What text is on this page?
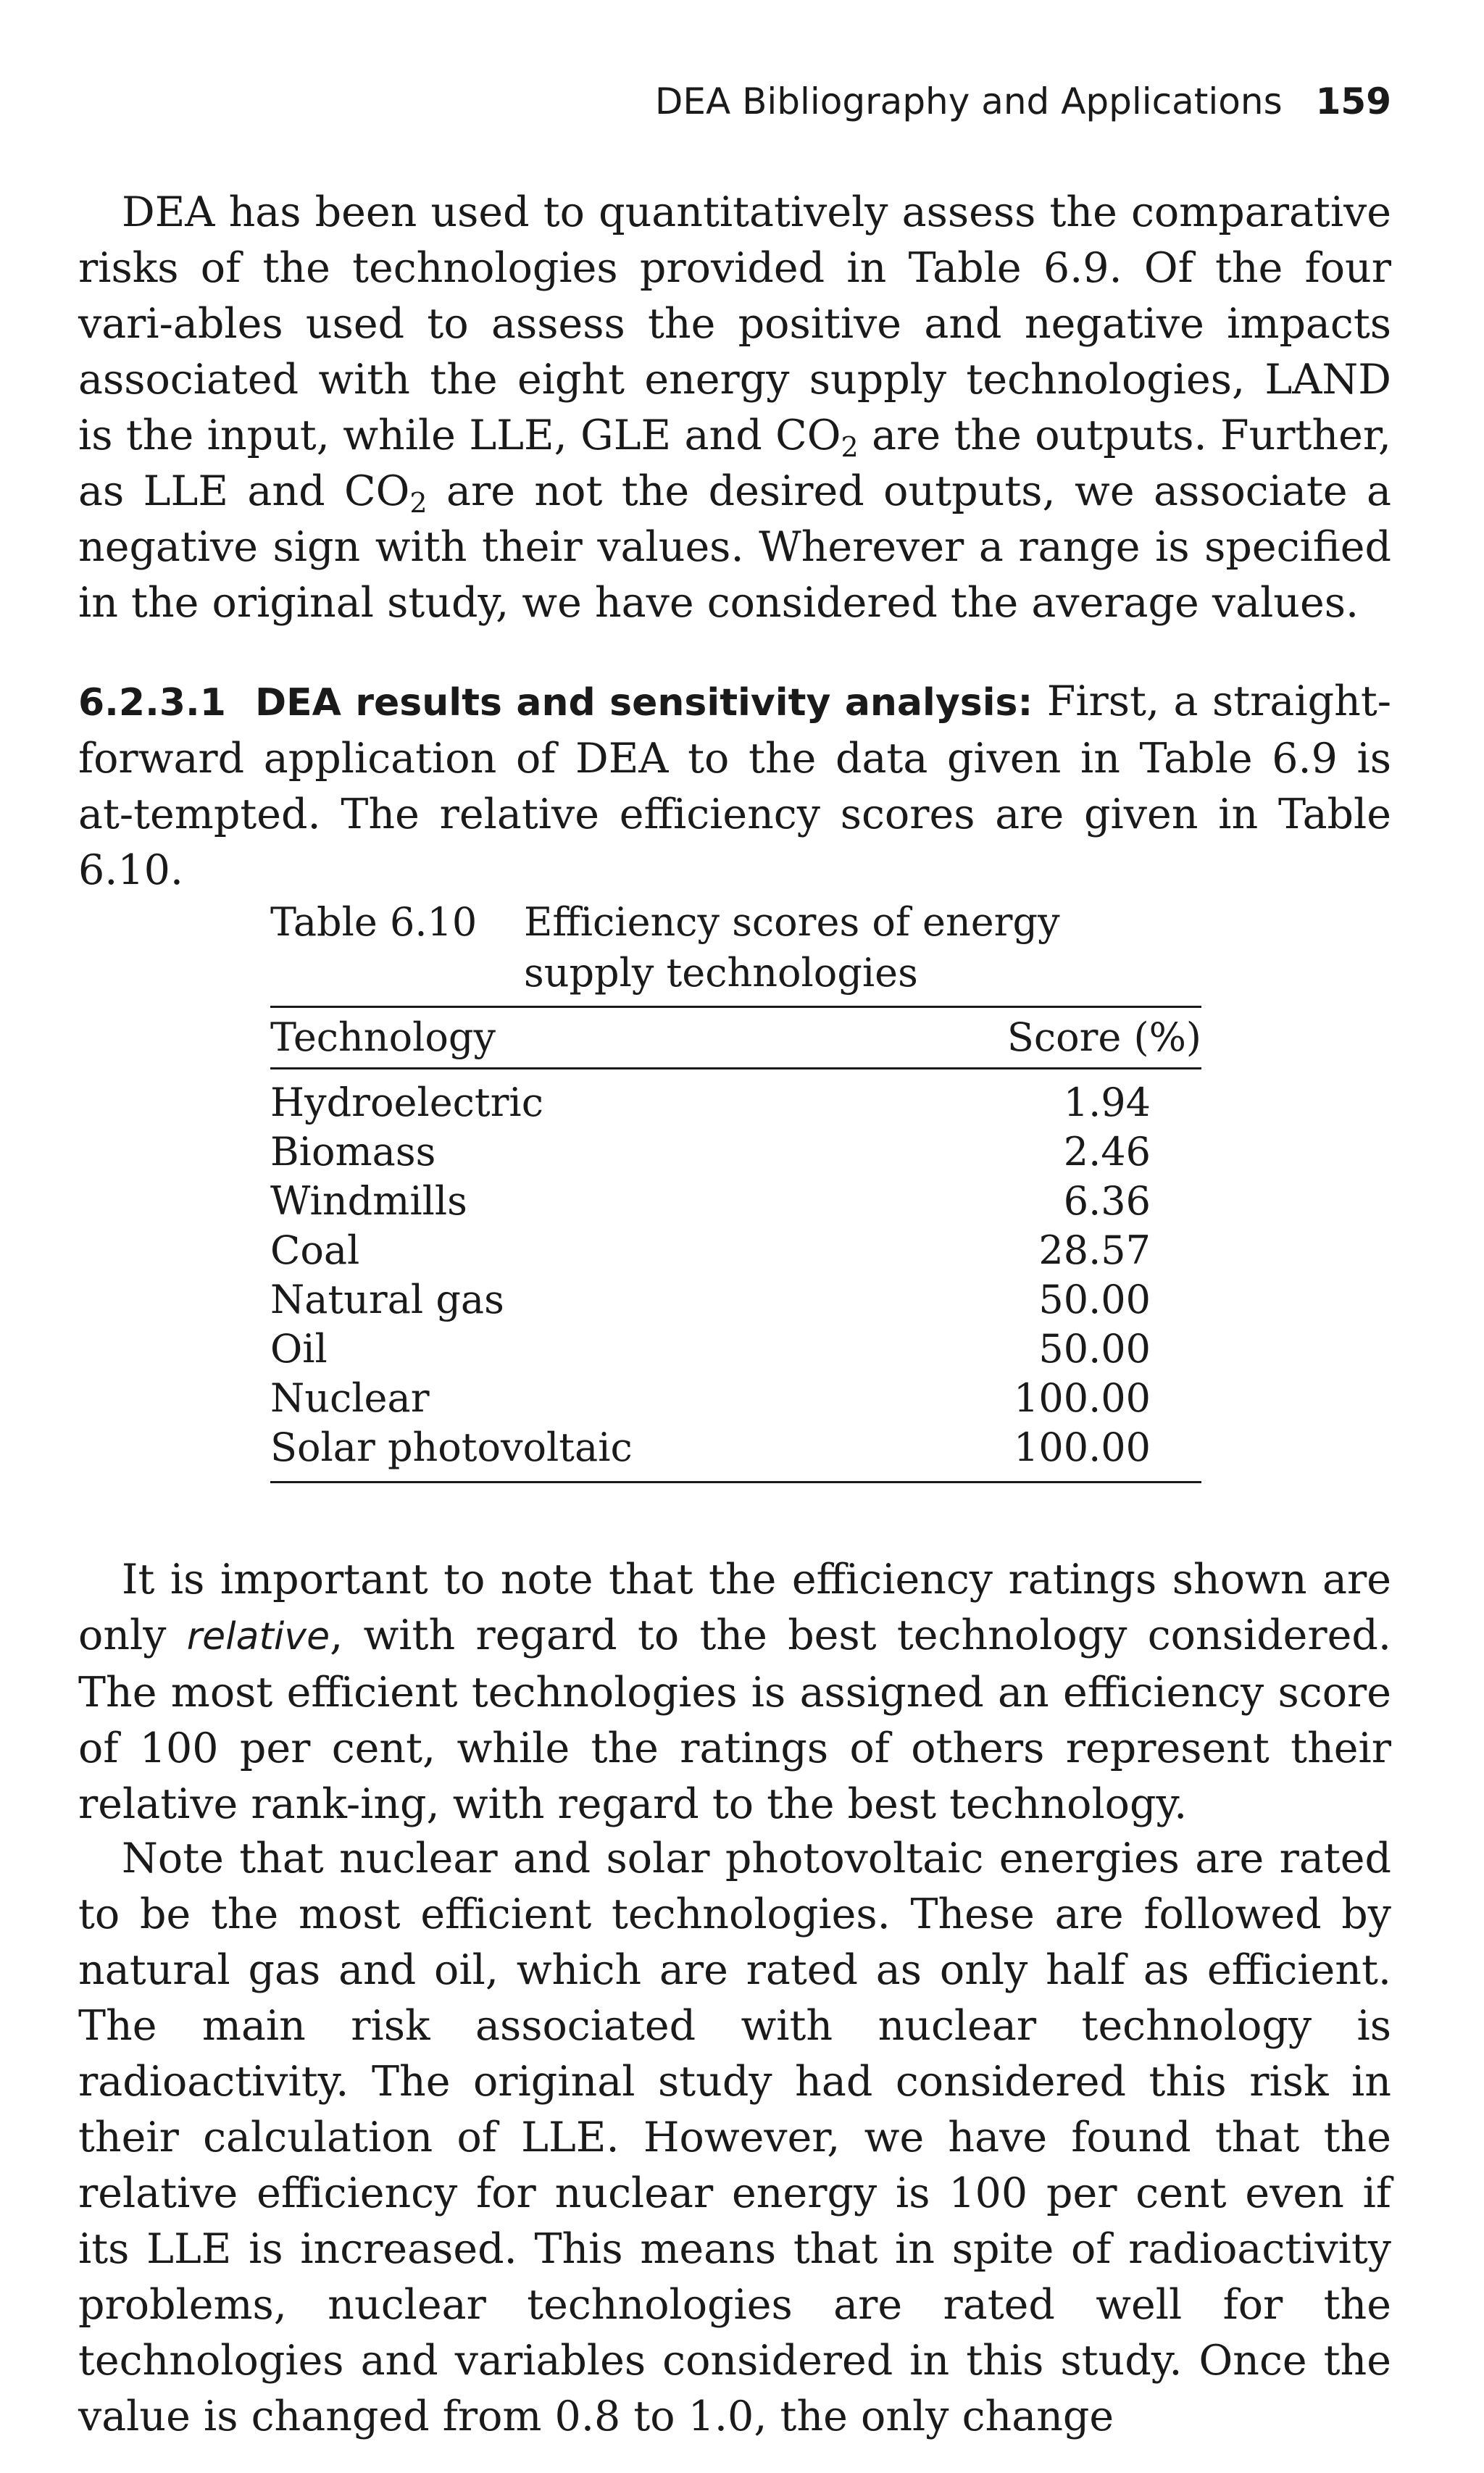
DEA Bibliography and Applications 159

DEA has been used to quantitatively assess the comparative risks of the technologies provided in Table 6.9. Of the four vari-ables used to assess the positive and negative impacts associated with the eight energy supply technologies, LAND is the input, while LLE, GLE and $CO_2$ are the outputs. Further, as LLE and $CO_2$ are not the desired outputs, we associate a negative sign with their values. Wherever a range is specified in the original study, we have considered the average values.

6.2.3.1 DEA results and sensitivity analysis: First, a straight-forward application of DEA to the data given in Table 6.9 is at-tempted. The relative efficiency scores are given in Table 6.10.

Table 6.10 Efficiency scores of energy supply technologies
Technology	Score (%)
Hydroelectric	1.94
Biomass	2.46
Windmills	6.36
Coal	28.57
Natural gas	50.00
Oil	50.00
Nuclear	100.00
Solar photovoltaic	100.00

It is important to note that the efficiency ratings shown are only relative, with regard to the best technology considered. The most efficient technologies is assigned an efficiency score of 100 per cent, while the ratings of others represent their relative rank-ing, with regard to the best technology.

Note that nuclear and solar photovoltaic energies are rated to be the most efficient technologies. These are followed by natural gas and oil, which are rated as only half as efficient. The main risk associated with nuclear technology is radioactivity. The original study had considered this risk in their calculation of LLE. However, we have found that the relative efficiency for nuclear energy is 100 per cent even if its LLE is increased. This means that in spite of radioactivity problems, nuclear technologies are rated well for the technologies and variables considered in this study. Once the value is changed from 0.8 to 1.0, the only change
